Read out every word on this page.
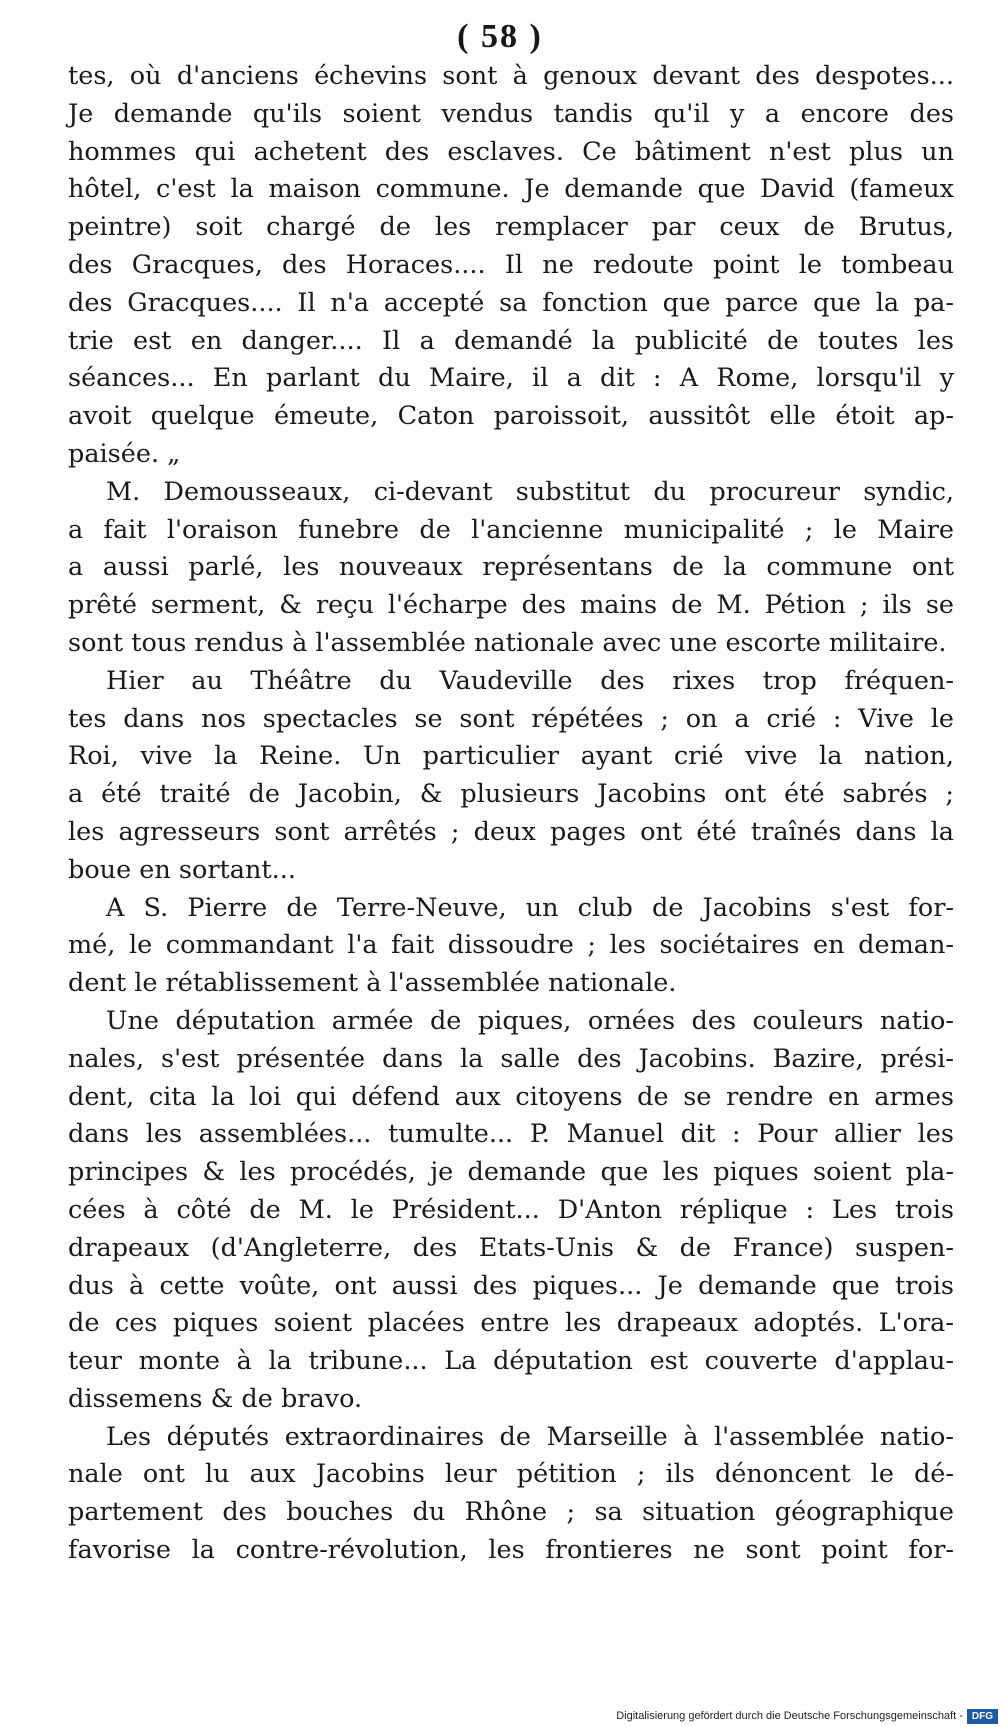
( 58 )
tes, où d'anciens échevins sont à genoux devant des despotes...
Je demande qu'ils soient vendus tandis qu'il y a encore des
hommes qui achetent des esclaves. Ce bâtiment n'est plus un
hôtel, c'est la maison commune. Je demande que David (fameux
peintre) soit chargé de les remplacer par ceux de Brutus,
des Gracques, des Horaces.... Il ne redoute point le tombeau
des Gracques.... Il n'a accepté sa fonction que parce que la pa-
trie est en danger.... Il a demandé la publicité de toutes les
séances... En parlant du Maire, il a dit : A Rome, lorsqu'il y
avoit quelque émeute, Caton paroissoit, aussitôt elle étoit ap-
paisée. „
M. Demousseaux, ci-devant substitut du procureur syndic,
a fait l'oraison funebre de l'ancienne municipalité ; le Maire
a aussi parlé, les nouveaux représentans de la commune ont
prêté serment, & reçu l'écharpe des mains de M. Pétion ; ils se
sont tous rendus à l'assemblée nationale avec une escorte militaire.
Hier au Théâtre du Vaudeville des rixes trop fréquen-
tes dans nos spectacles se sont répétées ; on a crié : Vive le
Roi, vive la Reine. Un particulier ayant crié vive la nation,
a été traité de Jacobin, & plusieurs Jacobins ont été sabrés ;
les agresseurs sont arrêtés ; deux pages ont été traînés dans la
boue en sortant...
A S. Pierre de Terre-Neuve, un club de Jacobins s'est for-
mé, le commandant l'a fait dissoudre ; les sociétaires en deman-
dent le rétablissement à l'assemblée nationale.
Une députation armée de piques, ornées des couleurs natio-
nales, s'est présentée dans la salle des Jacobins. Bazire, prési-
dent, cita la loi qui défend aux citoyens de se rendre en armes
dans les assemblées... tumulte... P. Manuel dit : Pour allier les
principes & les procédés, je demande que les piques soient pla-
cées à côté de M. le Président... D'Anton réplique : Les trois
drapeaux (d'Angleterre, des Etats-Unis & de France) suspen-
dus à cette voûte, ont aussi des piques... Je demande que trois
de ces piques soient placées entre les drapeaux adoptés. L'ora-
teur monte à la tribune... La députation est couverte d'applau-
dissemens & de bravo.
Les députés extraordinaires de Marseille à l'assemblée natio-
nale ont lu aux Jacobins leur pétition ; ils dénoncent le dé-
partement des bouches du Rhône ; sa situation géographique
favorise la contre-révolution, les frontieres ne sont point for-
Digitalisierung gefördert durch die Deutsche Forschungsgemeinschaft - DFG
